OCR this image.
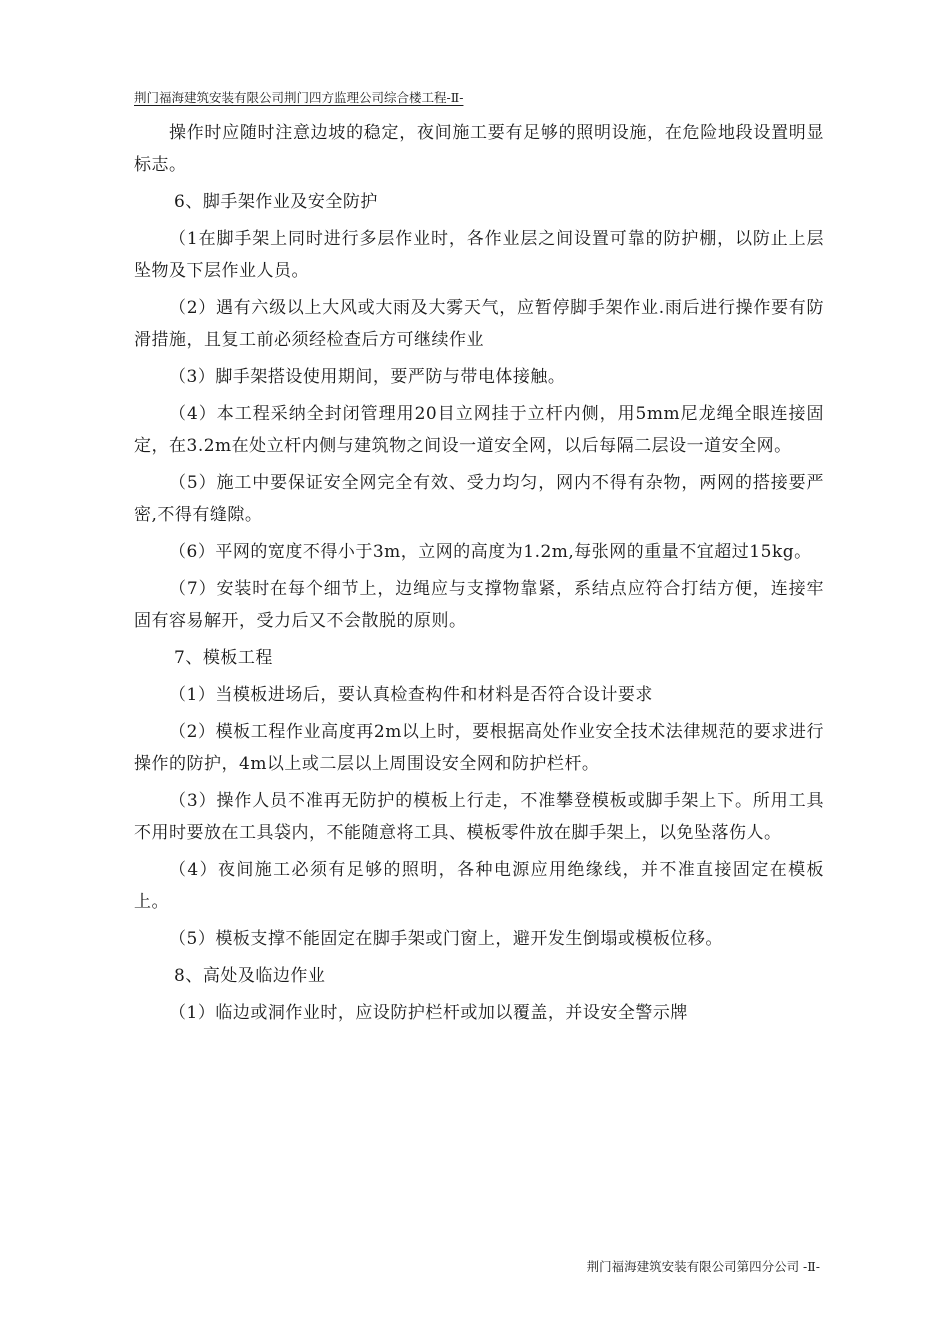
荆门福海建筑安装有限公司荆门四方监理公司综合楼工程-Ⅱ-

操作时应随时注意边坡的稳定，夜间施工要有足够的照明设施，在危险地段设置明显标志。

6、脚手架作业及安全防护

（1在脚手架上同时进行多层作业时，各作业层之间设置可靠的防护棚，以防止上层坠物及下层作业人员。

（2）遇有六级以上大风或大雨及大雾天气，应暂停脚手架作业.雨后进行操作要有防滑措施，且复工前必须经检查后方可继续作业

（3）脚手架搭设使用期间，要严防与带电体接触。

（4）本工程采纳全封闭管理用20目立网挂于立杆内侧，用5mm尼龙绳全眼连接固定，在3.2m在处立杆内侧与建筑物之间设一道安全网，以后每隔二层设一道安全网。

（5）施工中要保证安全网完全有效、受力均匀，网内不得有杂物，两网的搭接要严密,不得有缝隙。

（6）平网的宽度不得小于3m，立网的高度为1.2m,每张网的重量不宜超过15kg。

（7）安装时在每个细节上，边绳应与支撑物靠紧，系结点应符合打结方便，连接牢固有容易解开，受力后又不会散脱的原则。

7、模板工程

（1）当模板进场后，要认真检查构件和材料是否符合设计要求

（2）模板工程作业高度再2m以上时，要根据高处作业安全技术法律规范的要求进行操作的防护，4m以上或二层以上周围设安全网和防护栏杆。

（3）操作人员不准再无防护的模板上行走，不准攀登模板或脚手架上下。所用工具不用时要放在工具袋内，不能随意将工具、模板零件放在脚手架上，以免坠落伤人。

（4）夜间施工必须有足够的照明，各种电源应用绝缘线，并不准直接固定在模板上。

（5）模板支撑不能固定在脚手架或门窗上，避开发生倒塌或模板位移。

8、高处及临边作业

（1）临边或洞作业时，应设防护栏杆或加以覆盖，并设安全警示牌

荆门福海建筑安装有限公司第四分公司 -Ⅱ-
